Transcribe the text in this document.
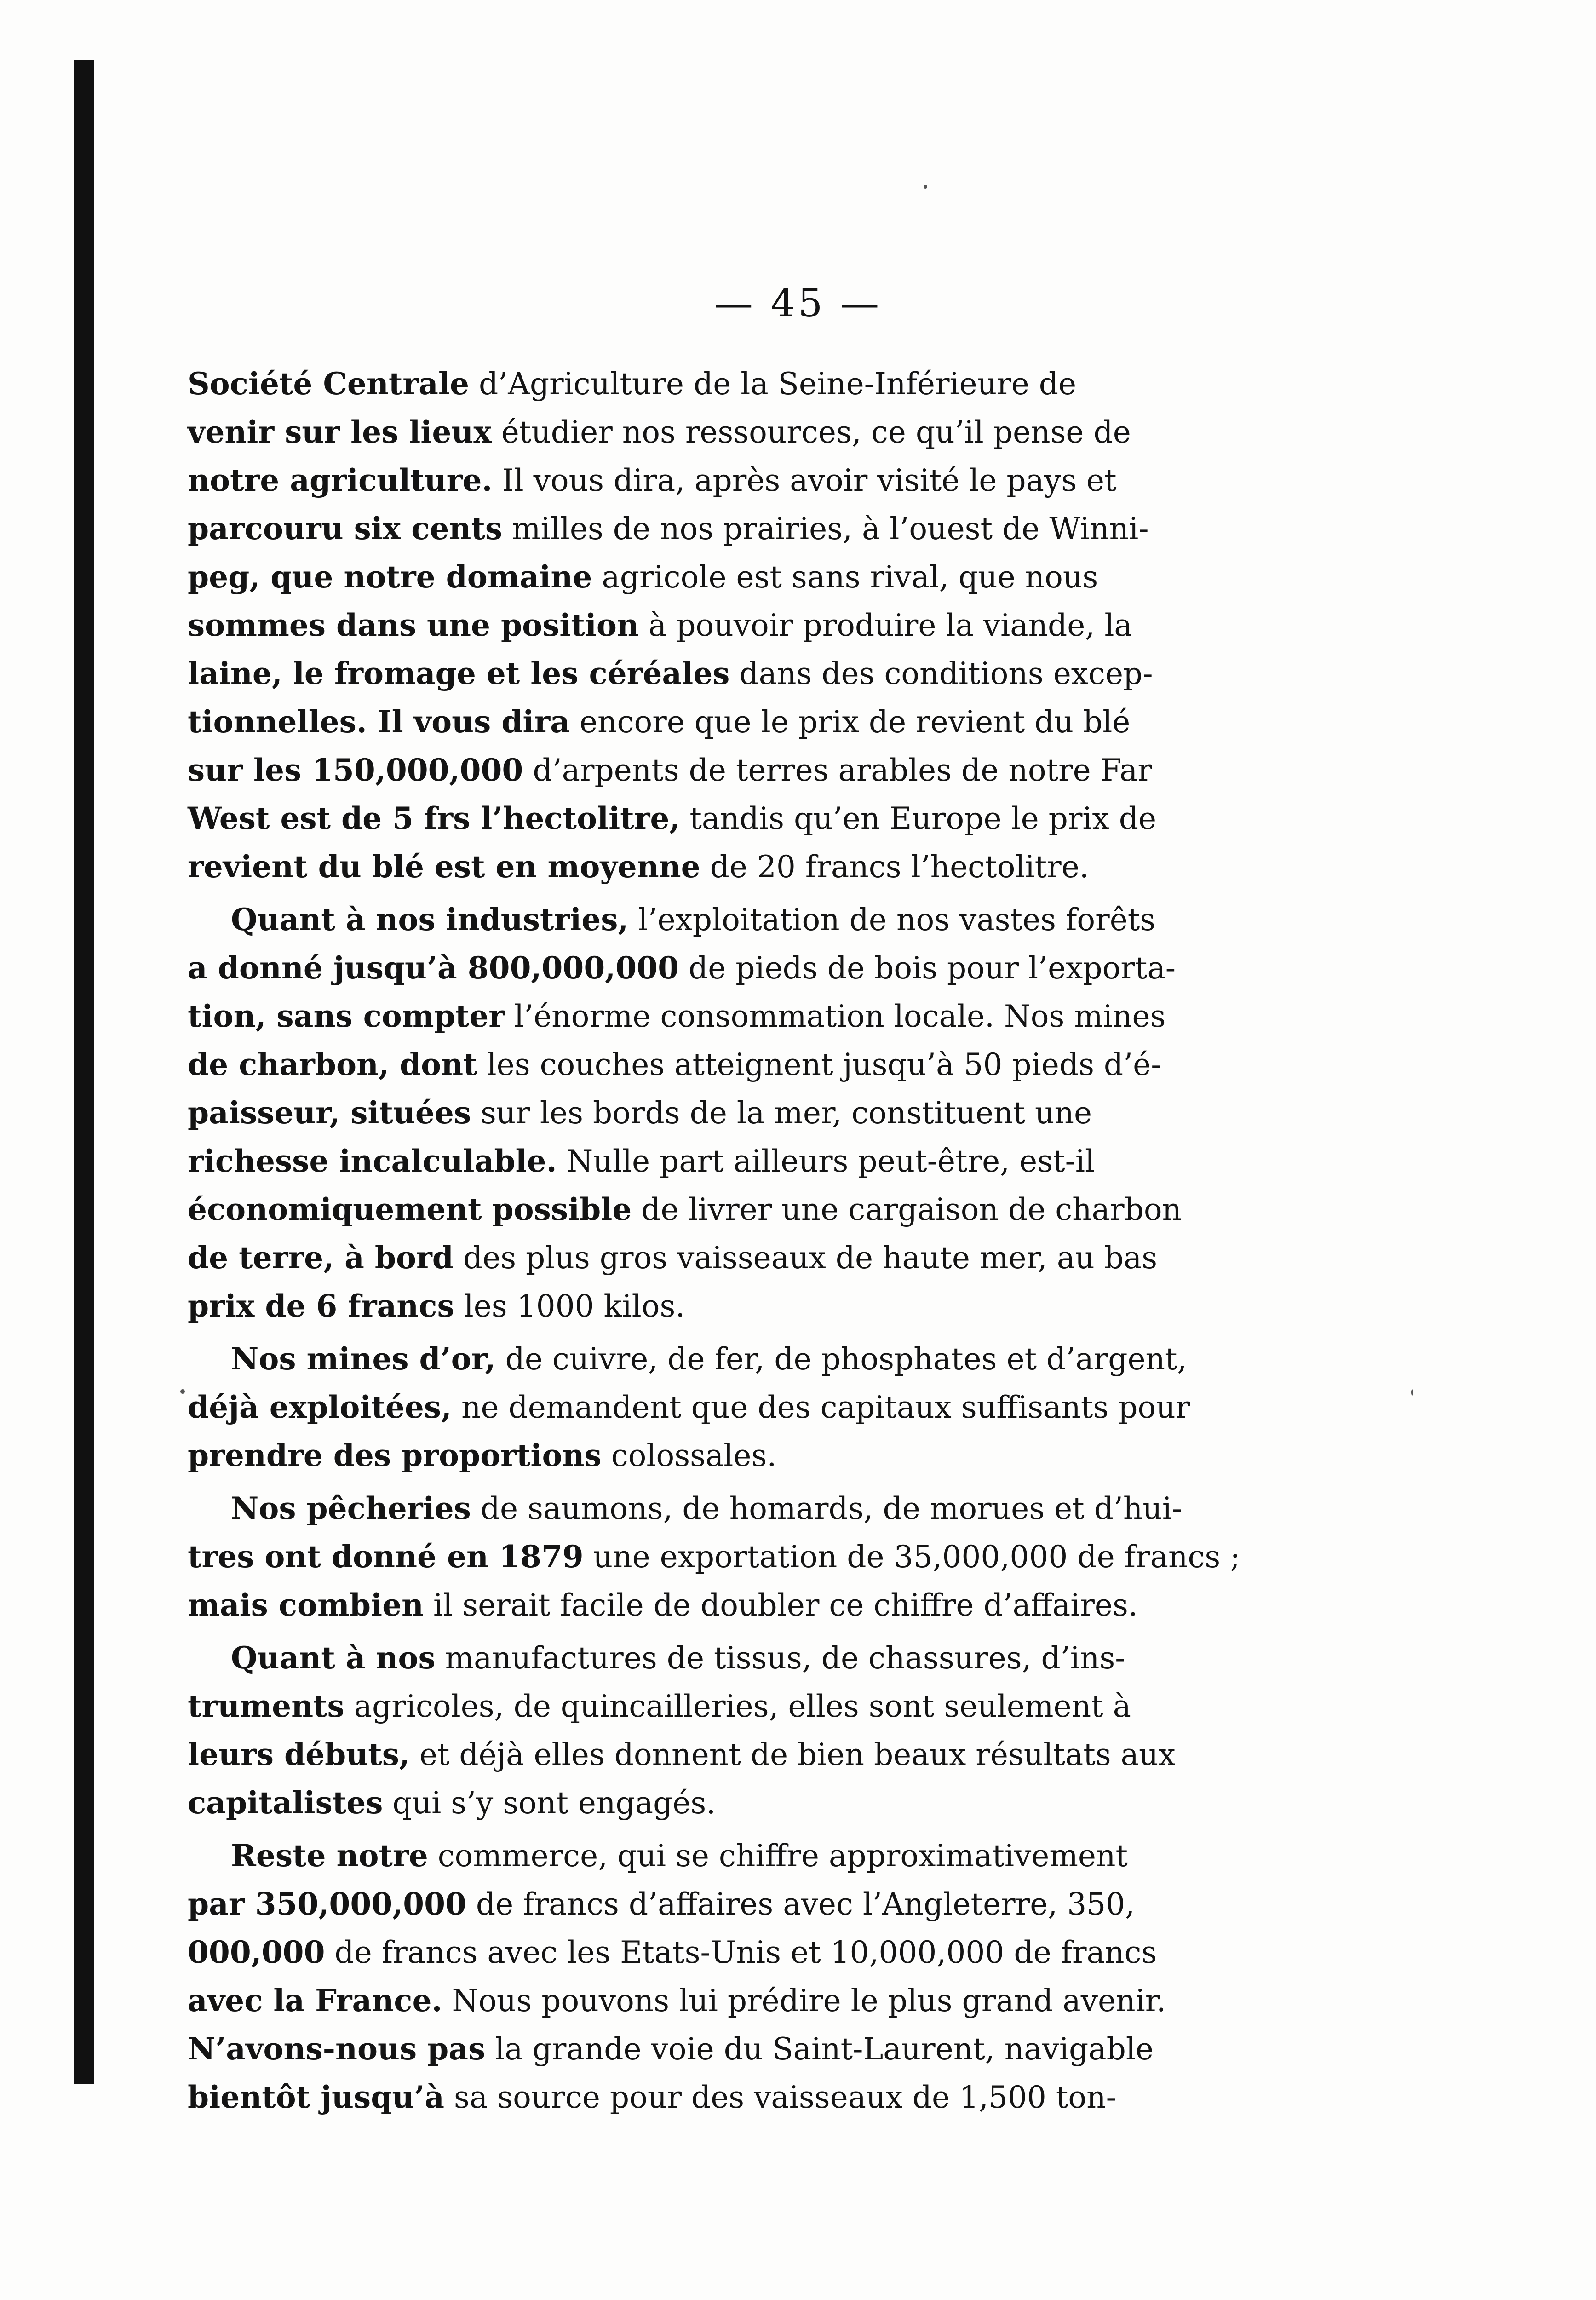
— 45 —
Société Centrale d’Agriculture de la Seine-Inférieure de
venir sur les lieux étudier nos ressources, ce qu’il pense de
notre agriculture. Il vous dira, après avoir visité le pays et
parcouru six cents milles de nos prairies, à l’ouest de Winni-
peg, que notre domaine agricole est sans rival, que nous
sommes dans une position à pouvoir produire la viande, la
laine, le fromage et les céréales dans des conditions excep-
tionnelles. Il vous dira encore que le prix de revient du blé
sur les 150,000,000 d’arpents de terres arables de notre Far
West est de 5 frs l’hectolitre, tandis qu’en Europe le prix de
revient du blé est en moyenne de 20 francs l’hectolitre.
Quant à nos industries, l’exploitation de nos vastes forêts
a donné jusqu’à 800,000,000 de pieds de bois pour l’exporta-
tion, sans compter l’énorme consommation locale. Nos mines
de charbon, dont les couches atteignent jusqu’à 50 pieds d’é-
paisseur, situées sur les bords de la mer, constituent une
richesse incalculable. Nulle part ailleurs peut-être, est-il
économiquement possible de livrer une cargaison de charbon
de terre, à bord des plus gros vaisseaux de haute mer, au bas
prix de 6 francs les 1000 kilos.
Nos mines d’or, de cuivre, de fer, de phosphates et d’argent,
déjà exploitées, ne demandent que des capitaux suffisants pour
prendre des proportions colossales.
Nos pêcheries de saumons, de homards, de morues et d’hui-
tres ont donné en 1879 une exportation de 35,000,000 de francs ;
mais combien il serait facile de doubler ce chiffre d’affaires.
Quant à nos manufactures de tissus, de chassures, d’ins-
truments agricoles, de quincailleries, elles sont seulement à
leurs débuts, et déjà elles donnent de bien beaux résultats aux
capitalistes qui s’y sont engagés.
Reste notre commerce, qui se chiffre approximativement
par 350,000,000 de francs d’affaires avec l’Angleterre, 350,
000,000 de francs avec les Etats-Unis et 10,000,000 de francs
avec la France. Nous pouvons lui prédire le plus grand avenir.
N’avons-nous pas la grande voie du Saint-Laurent, navigable
bientôt jusqu’à sa source pour des vaisseaux de 1,500 ton-
